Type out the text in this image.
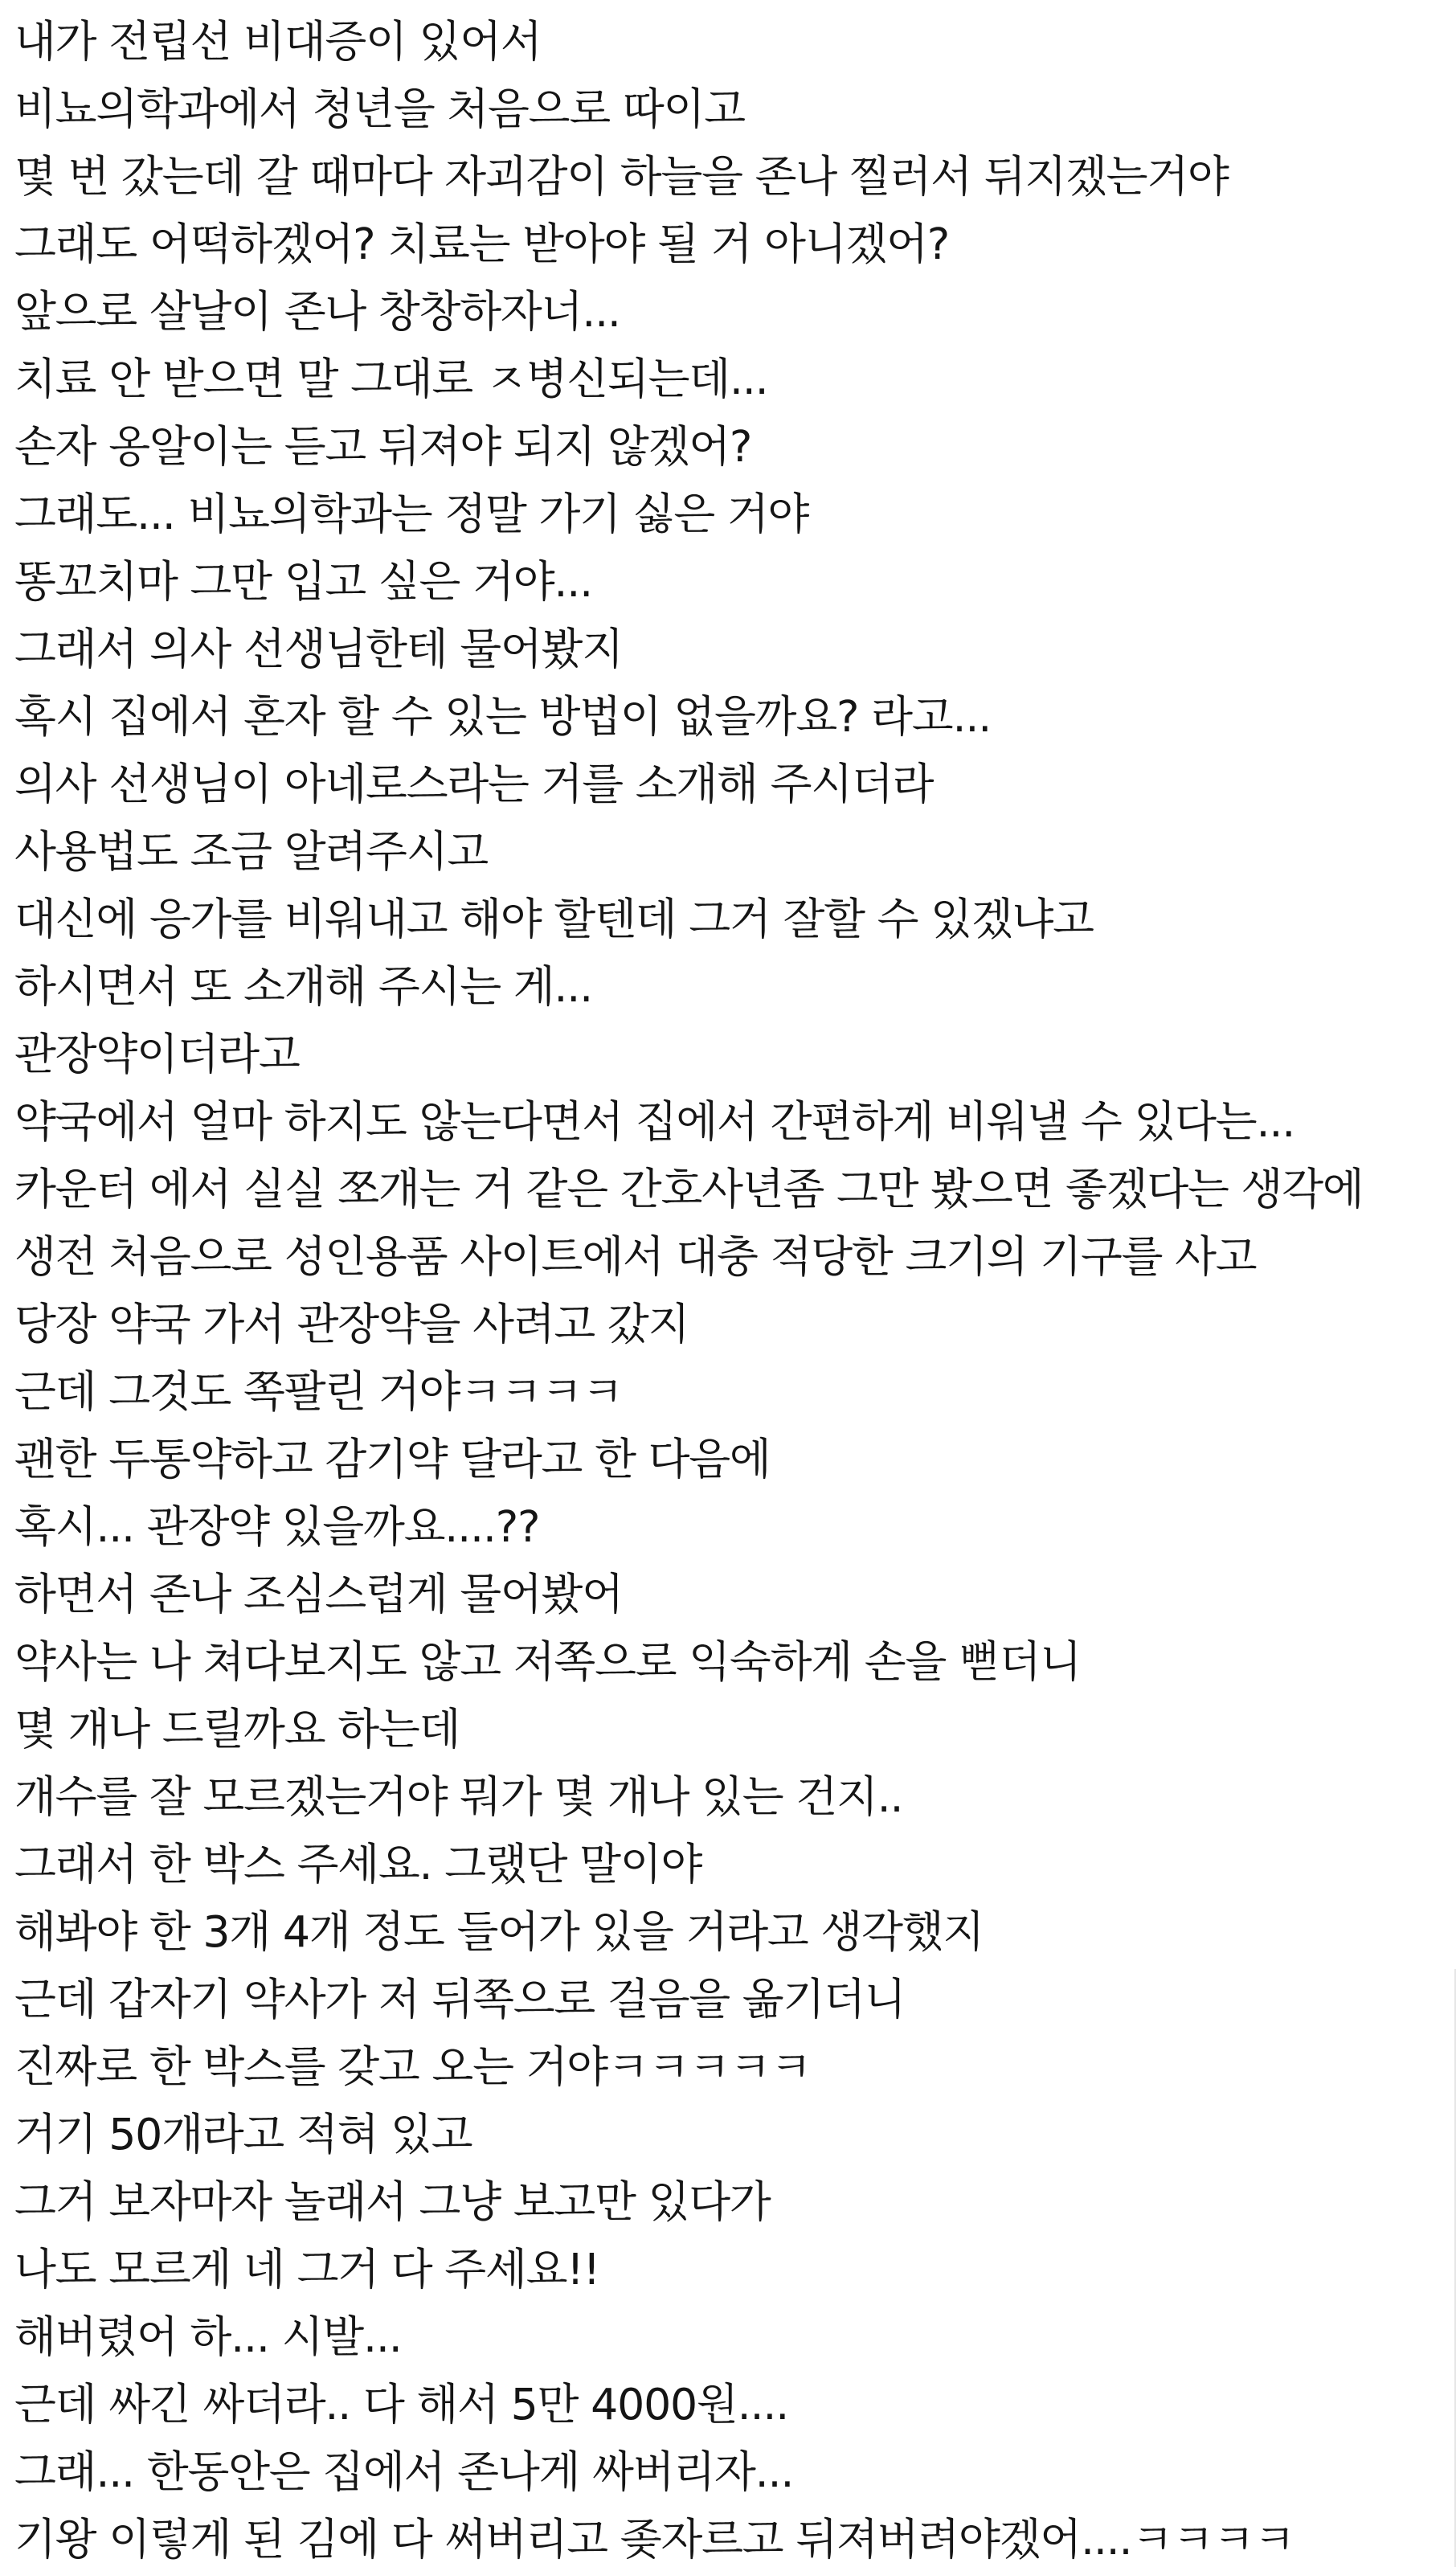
내가 전립선 비대증이 있어서
비뇨의학과에서 청년을 처음으로 따이고
몇 번 갔는데 갈 때마다 자괴감이 하늘을 존나 찔러서 뒤지겠는거야
그래도 어떡하겠어? 치료는 받아야 될 거 아니겠어?
앞으로 살날이 존나 창창하자너...
치료 안 받으면 말 그대로 ㅈ병신되는데...
손자 옹알이는 듣고 뒤져야 되지 않겠어?
그래도... 비뇨의학과는 정말 가기 싫은 거야
똥꼬치마 그만 입고 싶은 거야...
그래서 의사 선생님한테 물어봤지
혹시 집에서 혼자 할 수 있는 방법이 없을까요? 라고...
의사 선생님이 아네로스라는 거를 소개해 주시더라
사용법도 조금 알려주시고
대신에 응가를 비워내고 해야 할텐데 그거 잘할 수 있겠냐고
하시면서 또 소개해 주시는 게...
관장약이더라고
약국에서 얼마 하지도 않는다면서 집에서 간편하게 비워낼 수 있다는...
카운터 에서 실실 쪼개는 거 같은 간호사년좀 그만 봤으면 좋겠다는 생각에
생전 처음으로 성인용품 사이트에서 대충 적당한 크기의 기구를 사고
당장 약국 가서 관장약을 사려고 갔지
근데 그것도 쪽팔린 거야ㅋㅋㅋㅋ
괜한 두통약하고 감기약 달라고 한 다음에
혹시... 관장약 있을까요....??
하면서 존나 조심스럽게 물어봤어
약사는 나 쳐다보지도 않고 저쪽으로 익숙하게 손을 뻗더니
몇 개나 드릴까요 하는데
개수를 잘 모르겠는거야 뭐가 몇 개나 있는 건지..
그래서 한 박스 주세요. 그랬단 말이야
해봐야 한 3개 4개 정도 들어가 있을 거라고 생각했지
근데 갑자기 약사가 저 뒤쪽으로 걸음을 옮기더니
진짜로 한 박스를 갖고 오는 거야ㅋㅋㅋㅋㅋ
거기 50개라고 적혀 있고
그거 보자마자 놀래서 그냥 보고만 있다가
나도 모르게 네 그거 다 주세요!!
해버렸어 하... 시발...
근데 싸긴 싸더라.. 다 해서 5만 4000원....
그래... 한동안은 집에서 존나게 싸버리자...
기왕 이렇게 된 김에 다 써버리고 좆자르고 뒤져버려야겠어....ㅋㅋㅋㅋ
